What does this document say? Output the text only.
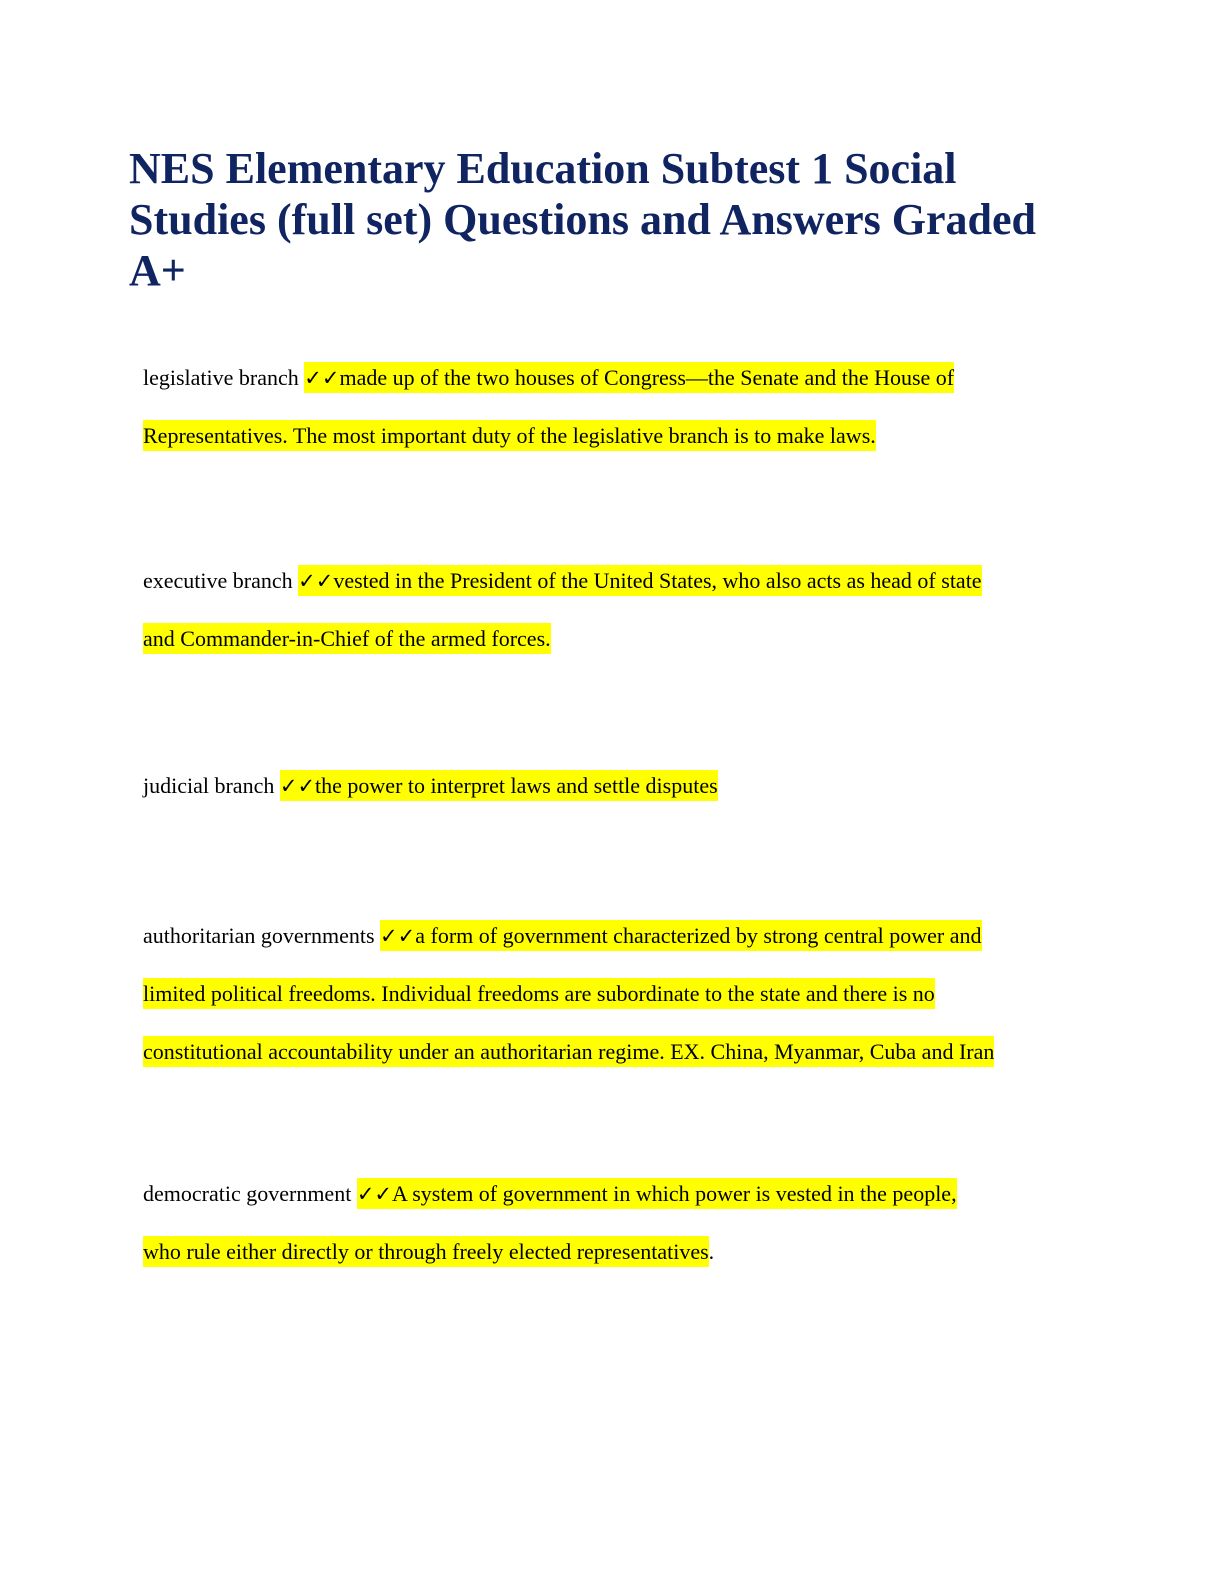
NES Elementary Education Subtest 1 Social Studies (full set) Questions and Answers Graded A+
legislative branch ✓✓made up of the two houses of Congress—the Senate and the House of
Representatives. The most important duty of the legislative branch is to make laws.
executive branch ✓✓vested in the President of the United States, who also acts as head of state
and Commander-in-Chief of the armed forces.
judicial branch ✓✓the power to interpret laws and settle disputes
authoritarian governments ✓✓a form of government characterized by strong central power and
limited political freedoms. Individual freedoms are subordinate to the state and there is no
constitutional accountability under an authoritarian regime. EX. China, Myanmar, Cuba and Iran
democratic government ✓✓A system of government in which power is vested in the people,
who rule either directly or through freely elected representatives.
